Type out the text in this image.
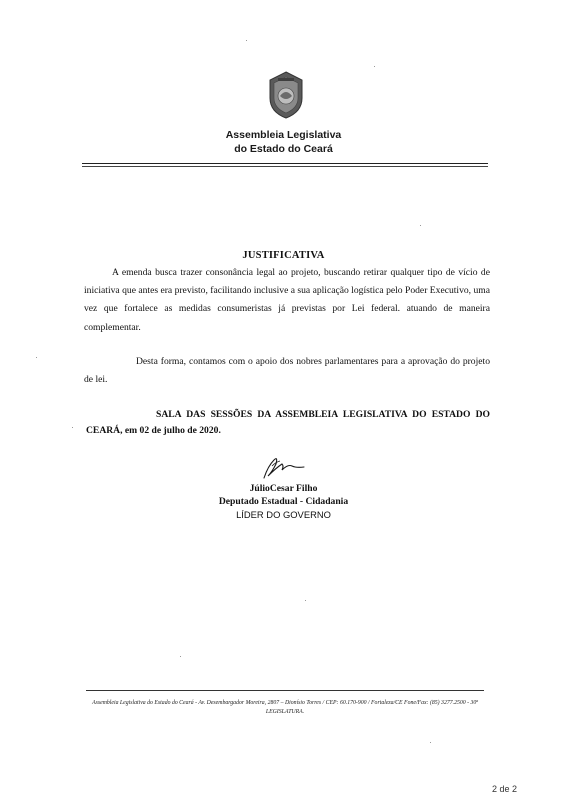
Assembleia Legislativa
do Estado do Ceará
JUSTIFICATIVA
A emenda busca trazer consonância legal ao projeto, buscando retirar qualquer tipo de vício de iniciativa que antes era previsto, facilitando inclusive a sua aplicação logística pelo Poder Executivo, uma vez que fortalece as medidas consumeristas já previstas por Lei federal. atuando de maneira complementar.
Desta forma, contamos com o apoio dos nobres parlamentares para a aprovação do projeto de lei.
SALA DAS SESSÕES DA ASSEMBLEIA LEGISLATIVA DO ESTADO DO CEARÁ, em 02 de julho de 2020.
JúlioCesar Filho
Deputado Estadual - Cidadania
LÍDER DO GOVERNO
Assembleia Legislativa do Estado do Ceará - Av. Desembargador Moreira, 2807 – Dionísio Torres / CEP: 60.170-900 / Fortaleza/CE Fone/Fax: (85) 3277.2500 - 30ª LEGISLATURA.
2 de 2
